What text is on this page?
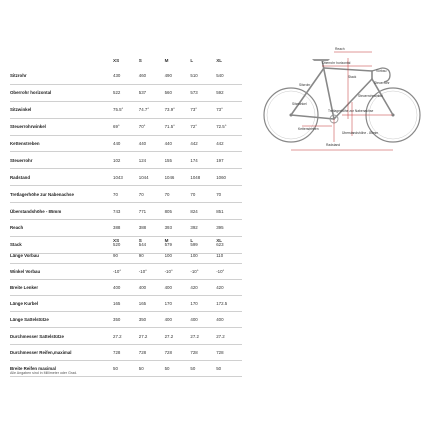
XS	S	M	L	XL
Sitzrohr	430	460	490	510	540
Oberrohr horizontal	522	537	560	573	592
Sitzwinkel	75.5°	74.7°	73.9°	73°	73°
Steuerrohrwinkel	69°	70°	71.5°	72°	72.5°
Kettenstreben	440	440	440	442	442
Steuerrohr	102	124	155	174	197
Radstand	1043	1044	1046	1048	1060
Tretlagerhöhe zur Nabenachse	70	70	70	70	70
Überstandshöhe - 85mm	743	771	805	824	851
Reach	388	388	393	392	395
Stack	520	544	579	599	623
XS	S	M	L	XL
Länge Vorbau	90	90	100	100	110
Winkel Vorbau	-10°	-10°	-10°	-10°	-10°
Breite Lenker	400	400	400	420	420
Länge Kurbel	165	165	170	170	172.5
Länge Sattelstütze	350	350	400	400	400
Durchmesser Sattelstütze	27.2	27.2	27.2	27.2	27.2
Durchmesser Reifen,maximal	728	728	728	728	728
Breite Reifen maximal	50	50	50	50	50
Alle Angaben sind in Millimeter oder Grad.
Reach
Oberrohr horizontal
Stack
Sitzrohr
Vorbau
Steuerrohr
Steuerrohrwinkel
Sitzwinkel
Tretlagerhöhe zur Nabenachse
Kettenstreben
Überstandshöhe - 85mm
Radstand
